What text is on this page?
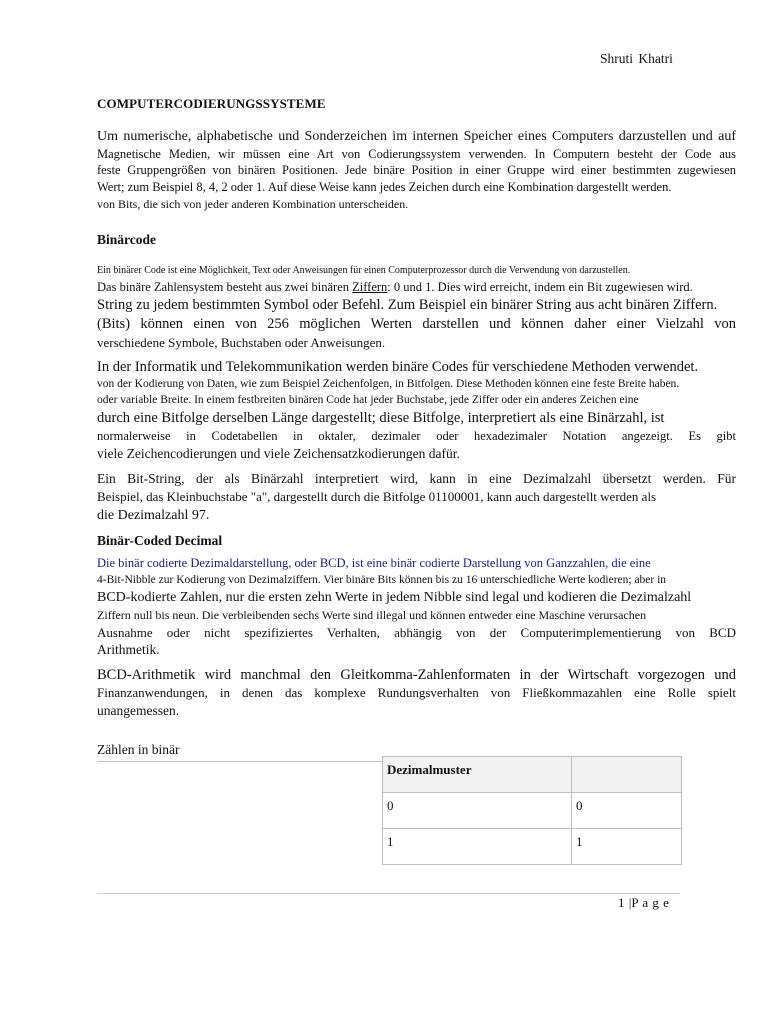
Shruti Khatri
COMPUTERCODIERUNGSSYSTEME
Um numerische, alphabetische und Sonderzeichen im internen Speicher eines Computers darzustellen und auf
Magnetische Medien, wir müssen eine Art von Codierungssystem verwenden. In Computern besteht der Code aus
feste Gruppengrößen von binären Positionen. Jede binäre Position in einer Gruppe wird einer bestimmten zugewiesen
Wert; zum Beispiel 8, 4, 2 oder 1. Auf diese Weise kann jedes Zeichen durch eine Kombination dargestellt werden.
von Bits, die sich von jeder anderen Kombination unterscheiden.
Binärcode
Ein binärer Code ist eine Möglichkeit, Text oder Anweisungen für einen Computerprozessor durch die Verwendung von darzustellen.
Das binäre Zahlensystem besteht aus zwei binären Ziffern: 0 und 1. Dies wird erreicht, indem ein Bit zugewiesen wird.
String zu jedem bestimmten Symbol oder Befehl. Zum Beispiel ein binärer String aus acht binären Ziffern.
(Bits) können einen von 256 möglichen Werten darstellen und können daher einer Vielzahl von
verschiedene Symbole, Buchstaben oder Anweisungen.
In der Informatik und Telekommunikation werden binäre Codes für verschiedene Methoden verwendet.
von der Kodierung von Daten, wie zum Beispiel Zeichenfolgen, in Bitfolgen. Diese Methoden können eine feste Breite haben.
oder variable Breite. In einem festbreiten binären Code hat jeder Buchstabe, jede Ziffer oder ein anderes Zeichen eine
durch eine Bitfolge derselben Länge dargestellt; diese Bitfolge, interpretiert als eine Binärzahl, ist
normalerweise in Codetabellen in oktaler, dezimaler oder hexadezimaler Notation angezeigt. Es gibt
viele Zeichencodierungen und viele Zeichensatzkodierungen dafür.
Ein Bit-String, der als Binärzahl interpretiert wird, kann in eine Dezimalzahl übersetzt werden. Für
Beispiel, das Kleinbuchstabe "a", dargestellt durch die Bitfolge 01100001, kann auch dargestellt werden als
die Dezimalzahl 97.
Binär-Coded Decimal
Die binär codierte Dezimaldarstellung, oder BCD, ist eine binär codierte Darstellung von Ganzzahlen, die eine
4-Bit-Nibble zur Kodierung von Dezimalziffern. Vier binäre Bits können bis zu 16 unterschiedliche Werte kodieren; aber in
BCD-kodierte Zahlen, nur die ersten zehn Werte in jedem Nibble sind legal und kodieren die Dezimalzahl
Ziffern null bis neun. Die verbleibenden sechs Werte sind illegal und können entweder eine Maschine verursachen
Ausnahme oder nicht spezifiziertes Verhalten, abhängig von der Computerimplementierung von BCD
Arithmetik.
BCD-Arithmetik wird manchmal den Gleitkomma-Zahlenformaten in der Wirtschaft vorgezogen und
Finanzanwendungen, in denen das komplexe Rundungsverhalten von Fließkommazahlen eine Rolle spielt
unangemessen.
Zählen in binär
Dezimalmuster	
0	0
1	1
1 |P a g e
